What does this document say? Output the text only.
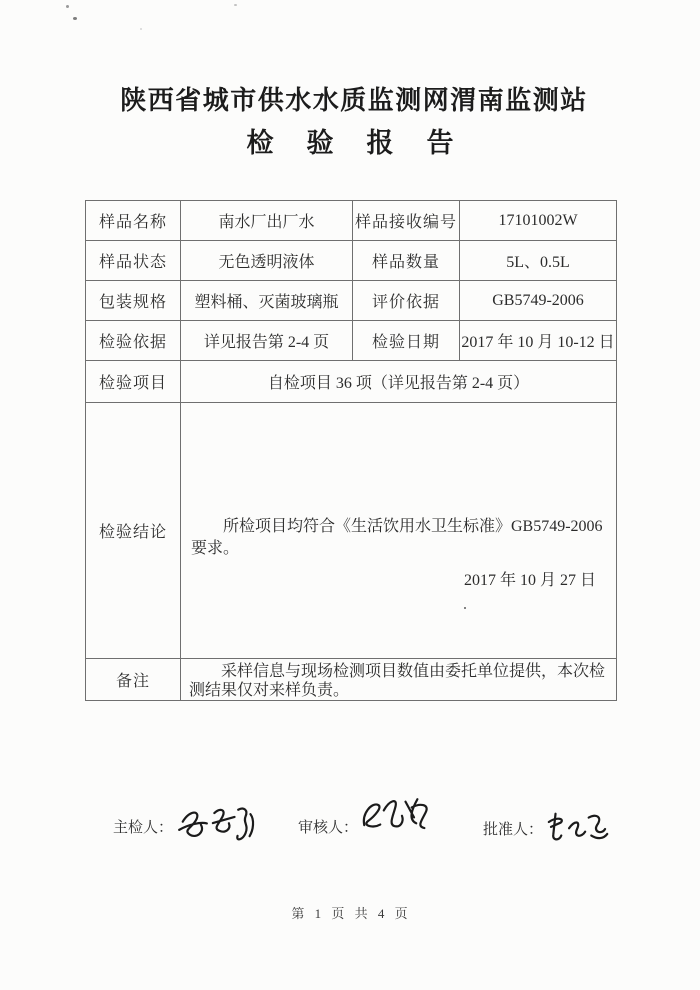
陕西省城市供水水质监测网渭南监测站
检验报告
样品名称	南水厂出厂水	样品接收编号	17101002W
样品状态	无色透明液体	样品数量	5L、0.5L
包装规格	塑料桶、灭菌玻璃瓶	评价依据	GB5749-2006
检验依据	详见报告第 2-4 页	检验日期	2017 年 10 月 10-12 日
检验项目	自检项目 36 项（详见报告第 2-4 页）		
检验结论	所检项目均符合《生活饮用水卫生标准》GB5749-2006 要求。
2017 年 10 月 27 日		

备注	采样信息与现场检测项目数值由委托单位提供，本次检测结果仅对来样负责。		
主检人：	审核人：	批准人：
第 1 页 共 4 页
